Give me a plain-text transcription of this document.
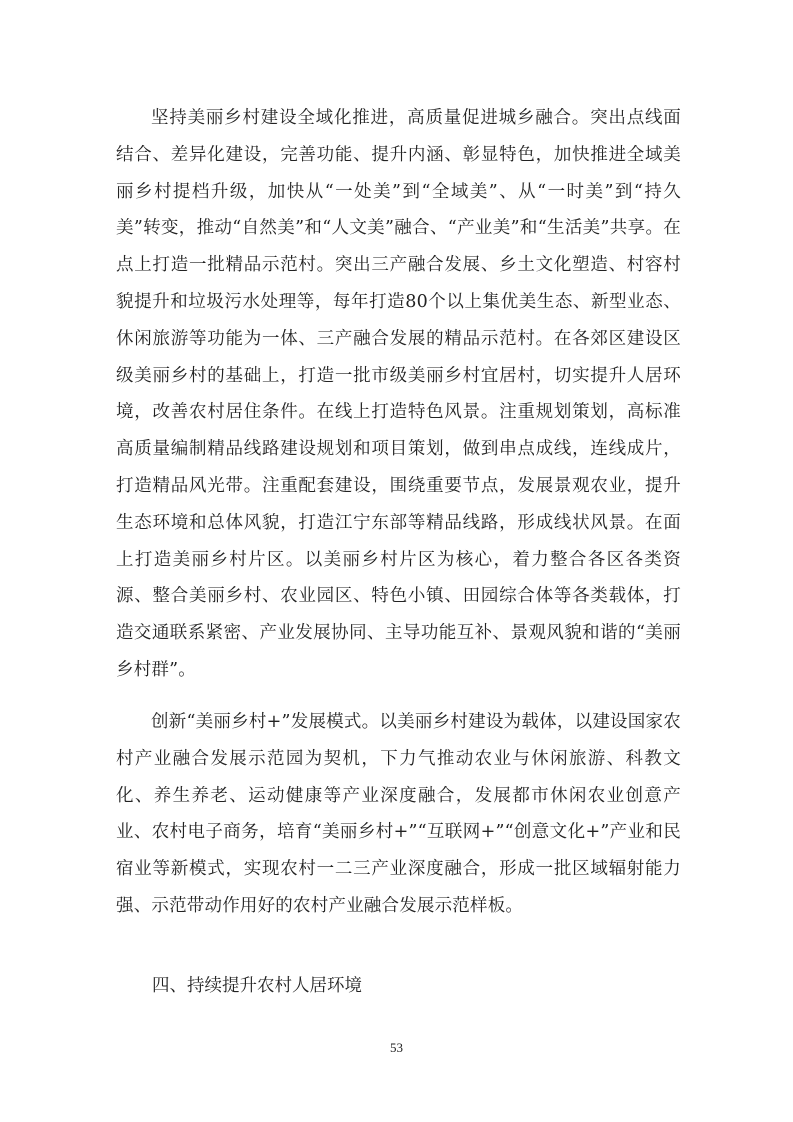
坚持美丽乡村建设全域化推进，高质量促进城乡融合。突出点线面结合、差异化建设，完善功能、提升内涵、彰显特色，加快推进全域美丽乡村提档升级，加快从“一处美”到“全域美”、从“一时美”到“持久美”转变，推动“自然美”和“人文美”融合、“产业美”和“生活美”共享。在点上打造一批精品示范村。突出三产融合发展、乡土文化塑造、村容村貌提升和垃圾污水处理等，每年打造80个以上集优美生态、新型业态、休闲旅游等功能为一体、三产融合发展的精品示范村。在各郊区建设区级美丽乡村的基础上，打造一批市级美丽乡村宜居村，切实提升人居环境，改善农村居住条件。在线上打造特色风景。注重规划策划，高标准高质量编制精品线路建设规划和项目策划，做到串点成线，连线成片，打造精品风光带。注重配套建设，围绕重要节点，发展景观农业，提升生态环境和总体风貌，打造江宁东部等精品线路，形成线状风景。在面上打造美丽乡村片区。以美丽乡村片区为核心，着力整合各区各类资源、整合美丽乡村、农业园区、特色小镇、田园综合体等各类载体，打造交通联系紧密、产业发展协同、主导功能互补、景观风貌和谐的“美丽乡村群”。

创新“美丽乡村+”发展模式。以美丽乡村建设为载体，以建设国家农村产业融合发展示范园为契机，下力气推动农业与休闲旅游、科教文化、养生养老、运动健康等产业深度融合，发展都市休闲农业创意产业、农村电子商务，培育“美丽乡村+”“互联网+”“创意文化+”产业和民宿业等新模式，实现农村一二三产业深度融合，形成一批区域辐射能力强、示范带动作用好的农村产业融合发展示范样板。

四、持续提升农村人居环境
53
